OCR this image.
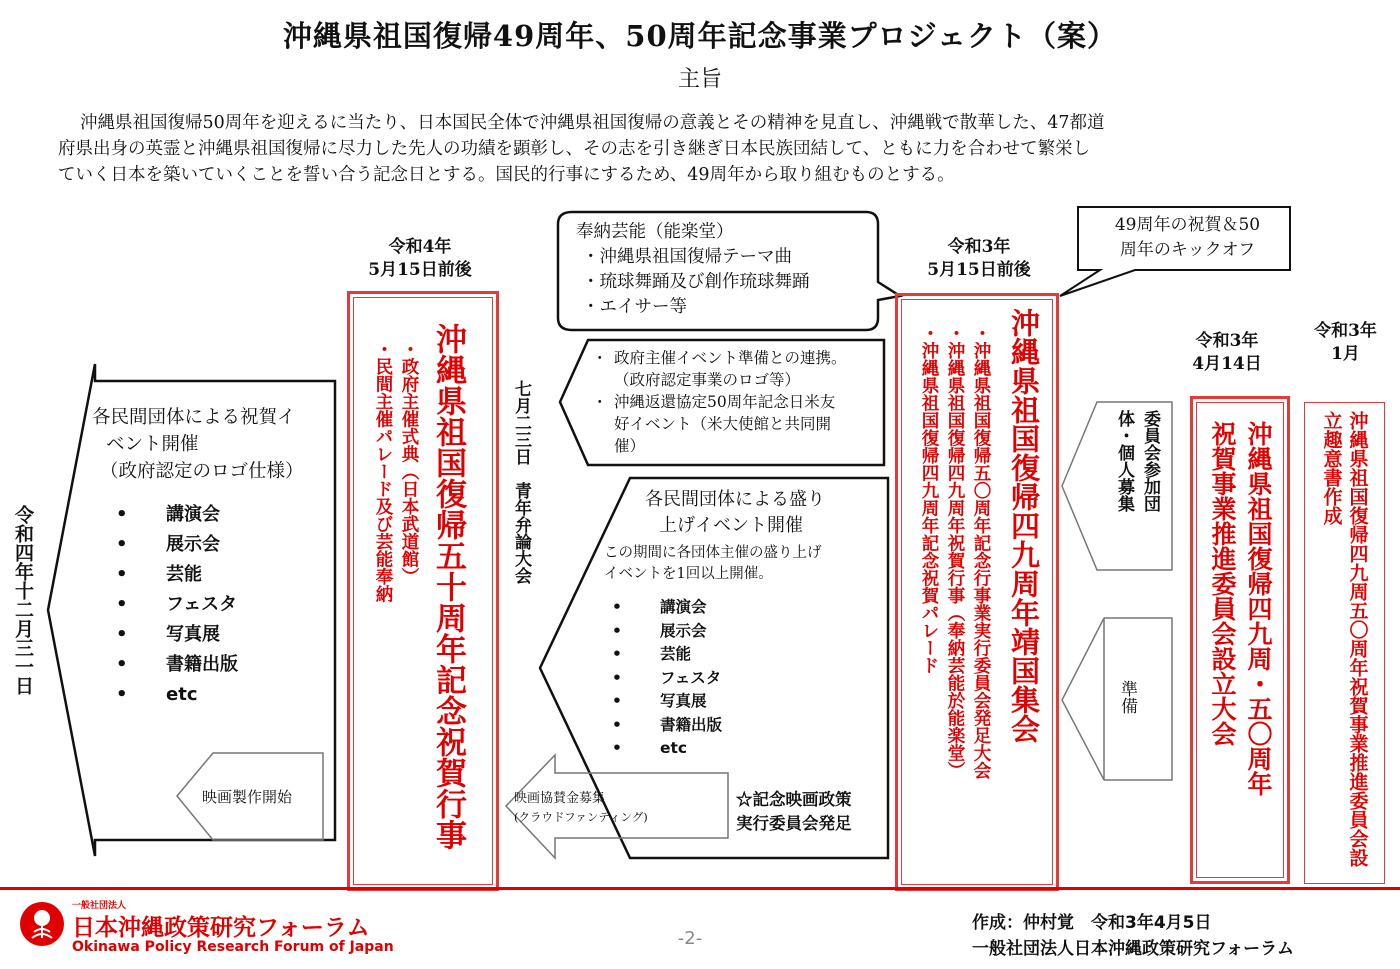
沖縄県祖国復帰49周年、50周年記念事業プロジェクト（案）
主旨
沖縄県祖国復帰50周年を迎えるに当たり、日本国民全体で沖縄県祖国復帰の意義とその精神を見直し、沖縄戦で散華した、47都道
府県出身の英霊と沖縄県祖国復帰に尽力した先人の功績を顕彰し、その志を引き継ぎ日本民族団結して、ともに力を合わせて繁栄し
ていく日本を築いていくことを誓い合う記念日とする。国民的行事にするため、49周年から取り組むものとする。
令和3年
1月
令和3年
4月14日
令和3年
5月15日前後
令和4年
5月15日前後
令和四年十二月三一日
49周年の祝賀＆50
周年のキックオフ
奉納芸能（能楽堂）
・沖縄県祖国復帰テーマ曲
・琉球舞踊及び創作琉球舞踊
・エイサー等
沖縄県祖国復帰四九周五〇周年祝賀事業推進委員会設立趣意書作成
沖縄県祖国復帰四九周・五〇周年
祝賀事業推進委員会設立大会
委員会参加団
体・個人募集
準備
沖縄県祖国復帰四九周年靖国集会
・沖縄県祖国復帰五〇周年記念行事業実行委員会発足大会
・沖縄県祖国復帰四九周年祝賀行事（奉納芸能於能楽堂）
・沖縄県祖国復帰四九周年記念祝賀パレード
・ 政府主催イベント準備との連携。
（政府認定事業のロゴ等）
・ 沖縄返還協定50周年記念日米友
好イベント（米大使館と共同開
催）
各民間団体による盛り
上げイベント開催
この期間に各団体主催の盛り上げ
イベントを1回以上開催。
• 講演会
• 展示会
• 芸能
• フェスタ
• 写真展
• 書籍出版
• etc
☆記念映画政策
実行委員会発足
映画協賛金募集
(クラウドファンディング)
七月二三日　青年弁論大会
沖縄県祖国復帰五十周年記念祝賀行事
・政府主催式典（日本武道館）
・民間主催パレード及び芸能奉納
各民間団体による祝賀イ
ベント開催
（政府認定のロゴ仕様）
• 講演会
• 展示会
• 芸能
• フェスタ
• 写真展
• 書籍出版
• etc
映画製作開始
一般社団法人
日本沖縄政策研究フォーラム
Okinawa Policy Research Forum of Japan	-2-
作成：仲村覚　令和3年4月5日
一般社団法人日本沖縄政策研究フォーラム
